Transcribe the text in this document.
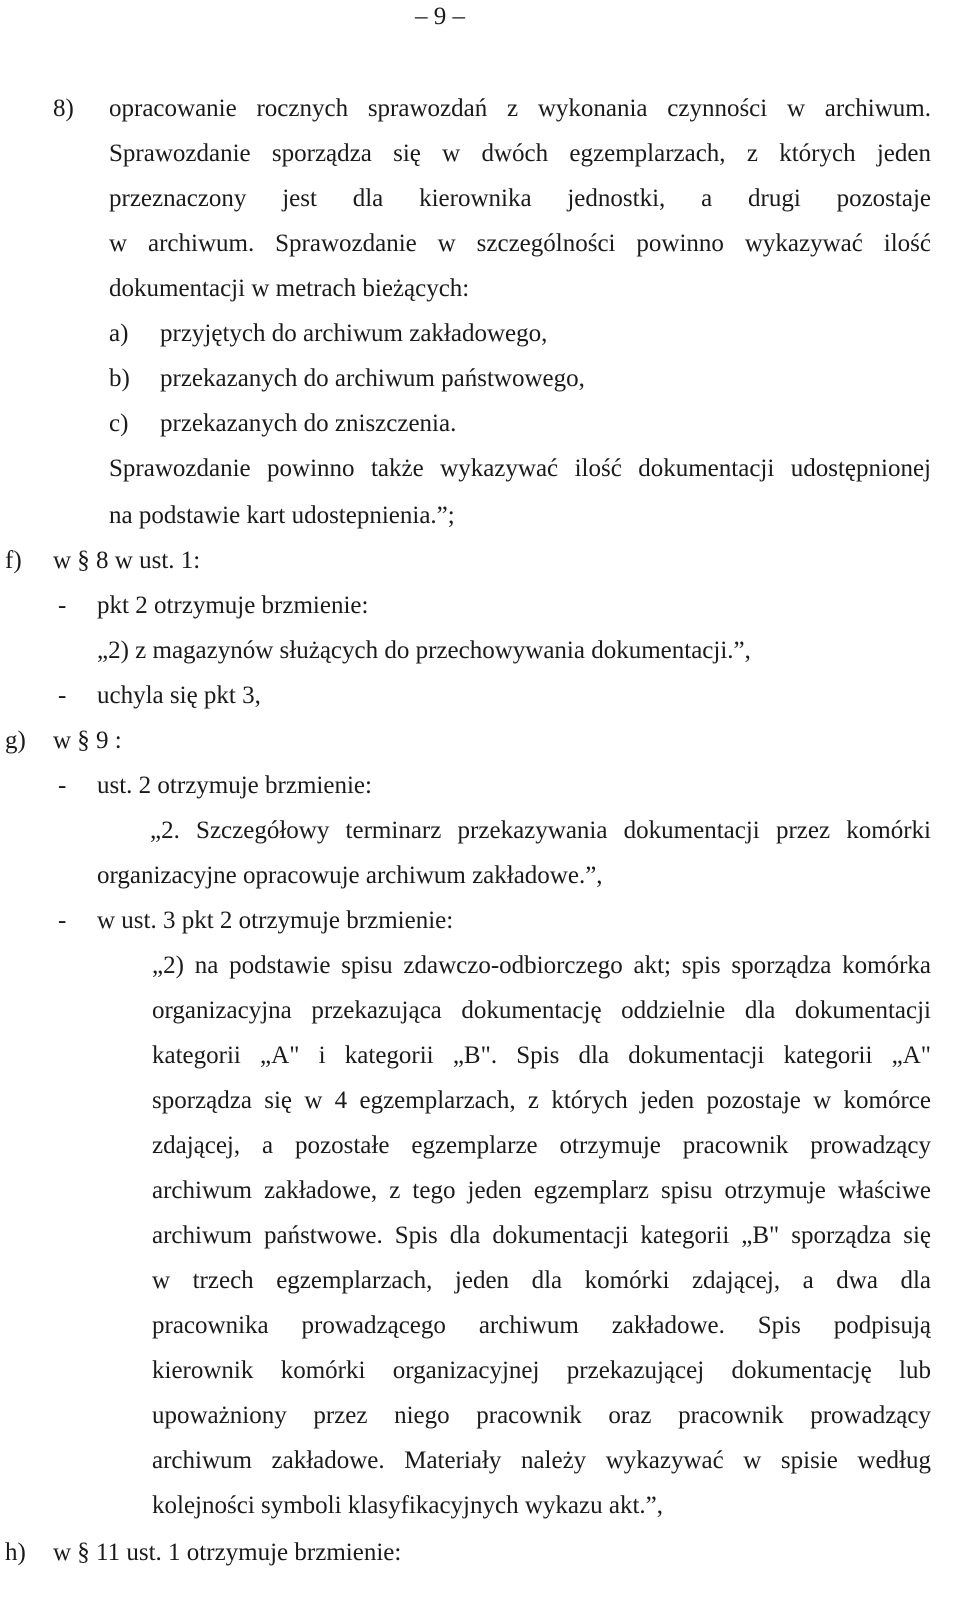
– 9 –

8) opracowanie rocznych sprawozdań z wykonania czynności w archiwum.

Sprawozdanie sporządza się w dwóch egzemplarzach, z których jeden

przeznaczony jest dla kierownika jednostki, a drugi pozostaje

w archiwum. Sprawozdanie w szczególności powinno wykazywać ilość

dokumentacji w metrach bieżących:

a) przyjętych do archiwum zakładowego,

b) przekazanych do archiwum państwowego,

c) przekazanych do zniszczenia.

Sprawozdanie powinno także wykazywać ilość dokumentacji udostępnionej

na podstawie kart udostepnienia.”;

f) w § 8 w ust. 1:

- pkt 2 otrzymuje brzmienie:

„2) z magazynów służących do przechowywania dokumentacji.”,

- uchyla się pkt 3,

g) w § 9 :

- ust. 2 otrzymuje brzmienie:

„2. Szczegółowy terminarz przekazywania dokumentacji przez komórki

organizacyjne opracowuje archiwum zakładowe.”,

- w ust. 3 pkt 2 otrzymuje brzmienie:

„2) na podstawie spisu zdawczo-odbiorczego akt; spis sporządza komórka

organizacyjna przekazująca dokumentację oddzielnie dla dokumentacji

kategorii „A" i kategorii „B". Spis dla dokumentacji kategorii „A"

sporządza się w 4 egzemplarzach, z których jeden pozostaje w komórce

zdającej, a pozostałe egzemplarze otrzymuje pracownik prowadzący

archiwum zakładowe, z tego jeden egzemplarz spisu otrzymuje właściwe

archiwum państwowe. Spis dla dokumentacji kategorii „B" sporządza się

w trzech egzemplarzach, jeden dla komórki zdającej, a dwa dla

pracownika prowadzącego archiwum zakładowe. Spis podpisują

kierownik komórki organizacyjnej przekazującej dokumentację lub

upoważniony przez niego pracownik oraz pracownik prowadzący

archiwum zakładowe. Materiały należy wykazywać w spisie według

kolejności symboli klasyfikacyjnych wykazu akt.”,

h) w § 11 ust. 1 otrzymuje brzmienie:
